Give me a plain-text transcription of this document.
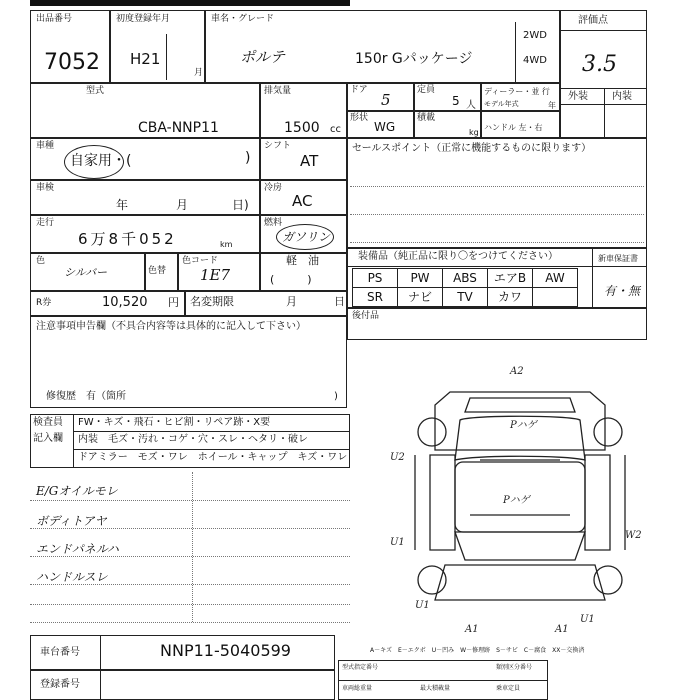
出品番号
7052
初度登録年月
H21
月
車名・グレード
ポルテ	150r Gパッケージ
2WD
4WD
評価点
3.5
外装 内装
型式
CBA-NNP11
排気量
1500 cc
ドア
5
定員
5 人
ディーラー・並 行
モデル年式	年
形状
WG
積載
kg
ハンドル 左・右
車種
自家用・(	)
シフト
AT
車検
年	月	日)
冷房
AC
走行
6万8千052	km
燃料
ガソリン
色
シルバー	色替
色コード
1E7
軽　油
(　　　)
R券	10,520 円 名変期限	月	日
注意事項申告欄（不具合内容等は具体的に記入して下さい）
修復歴　有（箇所	)
セールスポイント（正常に機能するものに限ります）
装備品（純正品に限り〇をつけてください）	新車保証書
有・無
PS	PW	ABS	エアB	AW
SR	ナビ	TV	カワ
後付品
検査員
記入欄
FW・キズ・飛石・ヒビ割・リペア跡・X要
内装　毛ズ・汚れ・コゲ・穴・スレ・ヘタリ・破レ
ドアミラー　モズ・ワレ　ホイール・キャップ　キズ・ワレ
E/Gオイルモレ
ボディトアヤ
エンドパネルハ
ハンドルスレ
A2 Pハゲ Pハゲ U2 U1 W2 U1 A1	A1 U1
A－キズ　E－エクボ　U－凹み　W－修理跡　S－サビ　C－腐食　XX－交換済
車台番号	NNP11-5040599
登録番号
型式指定番号	類別区分番号
車両総重量	最大積載量	乗車定員
